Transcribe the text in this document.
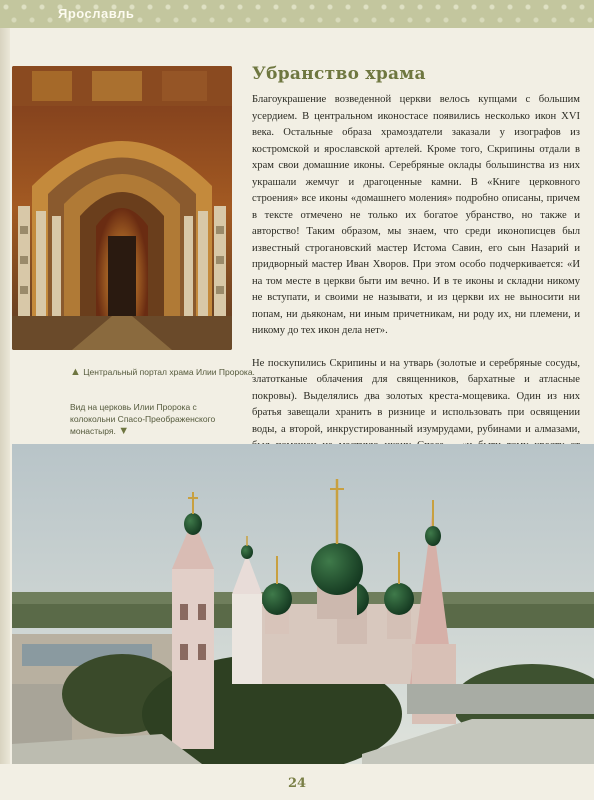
Ярославль
▲ Центральный портал храма Илии Пророка.
Вид на церковь Илии Пророка с колокольни Спасо-Преображенского монастыря. ▼
Убранство храма

Благоукрашение возведенной церкви велось купцами с большим усердием. В центральном иконостасе появились несколько икон XVI века. Остальные образа храмоздатели заказали у изографов из костромской и ярославской артелей. Кроме того, Скрипины отдали в храм свои домашние иконы. Серебряные оклады большинства из них украшали жемчуг и драгоценные камни. В «Книге церковного строения» все иконы «домашнего моления» подробно описаны, причем в тексте отмечено не только их богатое убранство, но также и авторство! Таким образом, мы знаем, что среди иконописцев был известный строгановский мастер Истома Савин, его сын Назарий и придворный мастер Иван Хворов. При этом особо подчеркивается: «И на том месте в церкви быти им вечно. И в те иконы и складни никому не вступати, и своими не называти, и из церкви их не выносити ни попам, ни дьяконам, ни иным причетникам, ни роду их, ни племени, и никому до тех икон дела нет».

Не поскупились Скрипины и на утварь (золотые и серебряные сосуды, златотканые облачения для священников, бархатные и атласные покровы). Выделялись два золотых креста-мощевика. Один из них братья завещали хранить в ризнице и использовать при освящении воды, а второй, инкрустированный изумрудами, рубинами и алмазами,

24
